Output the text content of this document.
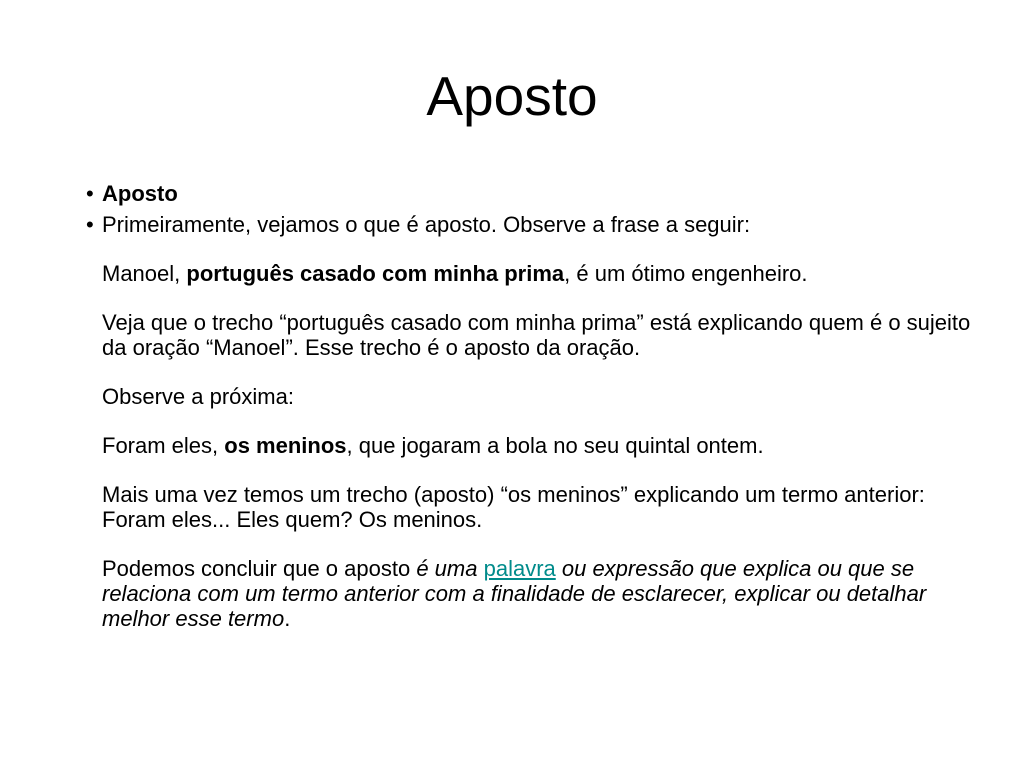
Aposto
• Aposto
• Primeiramente, vejamos o que é aposto. Observe a frase a seguir:
Manoel, português casado com minha prima, é um ótimo engenheiro.
Veja que o trecho “português casado com minha prima” está explicando quem é o sujeito da oração “Manoel”. Esse trecho é o aposto da oração.
Observe a próxima:
Foram eles, os meninos, que jogaram a bola no seu quintal ontem.
Mais uma vez temos um trecho (aposto) “os meninos” explicando um termo anterior: Foram eles... Eles quem? Os meninos.
Podemos concluir que o aposto é uma palavra ou expressão que explica ou que se relaciona com um termo anterior com a finalidade de esclarecer, explicar ou detalhar melhor esse termo.
